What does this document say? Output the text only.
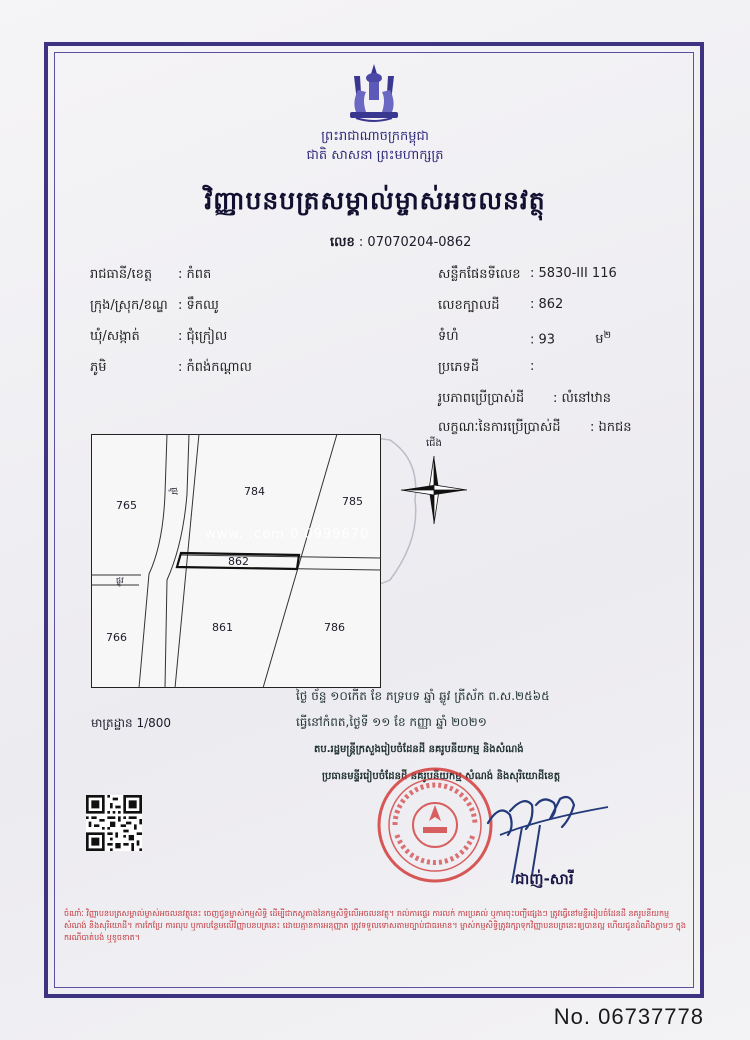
ព្រះរាជាណាចក្រកម្ពុជា
ជាតិ សាសនា ព្រះមហាក្សត្រ
វិញ្ញាបនបត្រសម្គាល់ម្ចាស់អចលនវត្ថុ
លេខ : 07070204-0862
រាជធានី/ខេត្ត : កំពត
ក្រុង/ស្រុក/ខណ្ឌ : ទឹកឈូ
ឃុំ/សង្កាត់	: ជុំក្រៀល
ភូមិ	: កំពង់កណ្ដាល
សន្លឹកផែនទីលេខ : 5830-III 116
លេខក្បាលដី : 862
ទំហំ	: 93	ម$^២$
ប្រភេទដី	:
រូបភាពប្រើប្រាស់ដី : លំនៅឋាន
លក្ខណៈនៃការប្រើប្រាស់ដី : ឯកជន
765
784
785
862
861
766
786
ផ្លូវ
ផ្លូវ
www. .com 0 0999670
ជើង
មាត្រដ្ឋាន 1/800
ថ្ងៃ ច័ន្ទ ១០កើត ខែ ភទ្របទ ឆ្នាំ ឆ្លូវ ត្រីស័ក ព.ស.២៥៦៥
ធ្វើនៅកំពត,ថ្ងៃទី ១១ ខែ កញ្ញា ឆ្នាំ ២០២១
តប.រដ្ឋមន្ត្រីក្រសួងរៀបចំដែនដី នគរូបនីយកម្ម និងសំណង់
ប្រធានមន្ទីររៀបចំដែនដី នគរូបនីយកម្ម សំណង់ និងសុរិយោដីខេត្ត
ជាញ់-សារី
ចំណាំៈ វិញ្ញាបនបត្រសម្គាល់ម្ចាស់អចលនវត្ថុនេះ ចេញជូនម្ចាស់កម្មសិទ្ធិ ដើម្បីជាភស្តុតាងនៃកម្មសិទ្ធិលើអចលនវត្ថុ។ រាល់ការផ្ទេរ ការលក់ ការប្រគល់ ឬការចុះបញ្ជីផ្សេងៗ ត្រូវធ្វើនៅមន្ទីររៀបចំដែនដី នគរូបនីយកម្ម សំណង់ និងសុរិយោដី។ ការកែប្រែ ការលុប ឬការបន្ថែមលើវិញ្ញាបនបត្រនេះ ដោយគ្មានការអនុញ្ញាត ត្រូវទទួលទោសតាមច្បាប់ជាធរមាន។ ម្ចាស់កម្មសិទ្ធិត្រូវរក្សាទុកវិញ្ញាបនបត្រនេះឲ្យបានល្អ ហើយជូនដំណឹងភ្លាមៗ ក្នុងករណីបាត់បង់ ឬខូចខាត។
No. 06737778
